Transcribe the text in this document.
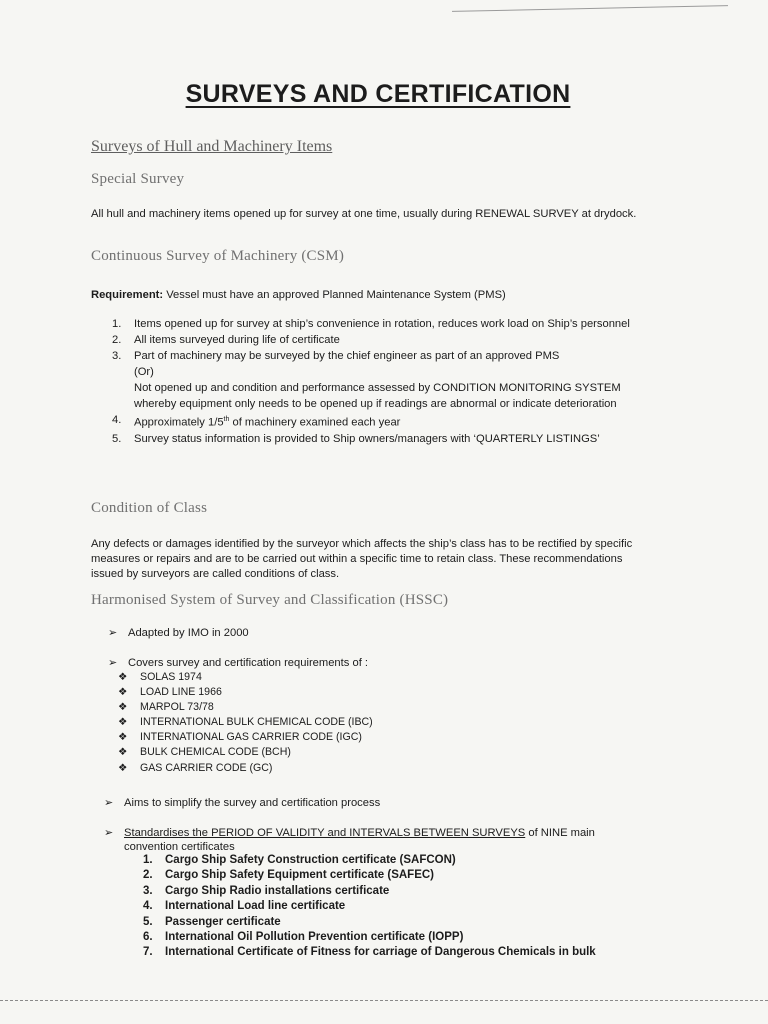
SURVEYS AND CERTIFICATION
Surveys of Hull and Machinery Items
Special Survey
All hull and machinery items opened up for survey at one time, usually during RENEWAL SURVEY at drydock.
Continuous Survey of Machinery (CSM)
Requirement: Vessel must have an approved Planned Maintenance System (PMS)
1.	Items opened up for survey at ship’s convenience in rotation, reduces work load on Ship’s personnel
2.	All items surveyed during life of certificate
3.	Part of machinery may be surveyed by the chief engineer as part of an approved PMS
(Or)
Not opened up and condition and performance assessed by CONDITION MONITORING SYSTEM whereby equipment only needs to be opened up if readings are abnormal or indicate deterioration
4.	Approximately 1/5th of machinery examined each year
5.	Survey status information is provided to Ship owners/managers with ‘QUARTERLY LISTINGS’
Condition of Class
Any defects or damages identified by the surveyor which affects the ship’s class has to be rectified by specific measures or repairs and are to be carried out within a specific time to retain class. These recommendations issued by surveyors are called conditions of class.
Harmonised System of Survey and Classification (HSSC)
➢ Adapted by IMO in 2000
➢ Covers survey and certification requirements of :
❖ SOLAS 1974
❖ LOAD LINE 1966
❖ MARPOL 73/78
❖ INTERNATIONAL BULK CHEMICAL CODE (IBC)
❖ INTERNATIONAL GAS CARRIER CODE (IGC)
❖ BULK CHEMICAL CODE (BCH)
❖ GAS CARRIER CODE (GC)
➢ Aims to simplify the survey and certification process
➢ Standardises the PERIOD OF VALIDITY and INTERVALS BETWEEN SURVEYS of NINE main
convention certificates
1. Cargo Ship Safety Construction certificate (SAFCON)
2. Cargo Ship Safety Equipment certificate (SAFEC)
3. Cargo Ship Radio installations certificate
4. International Load line certificate
5. Passenger certificate
6. International Oil Pollution Prevention certificate (IOPP)
7. International Certificate of Fitness for carriage of Dangerous Chemicals in bulk
